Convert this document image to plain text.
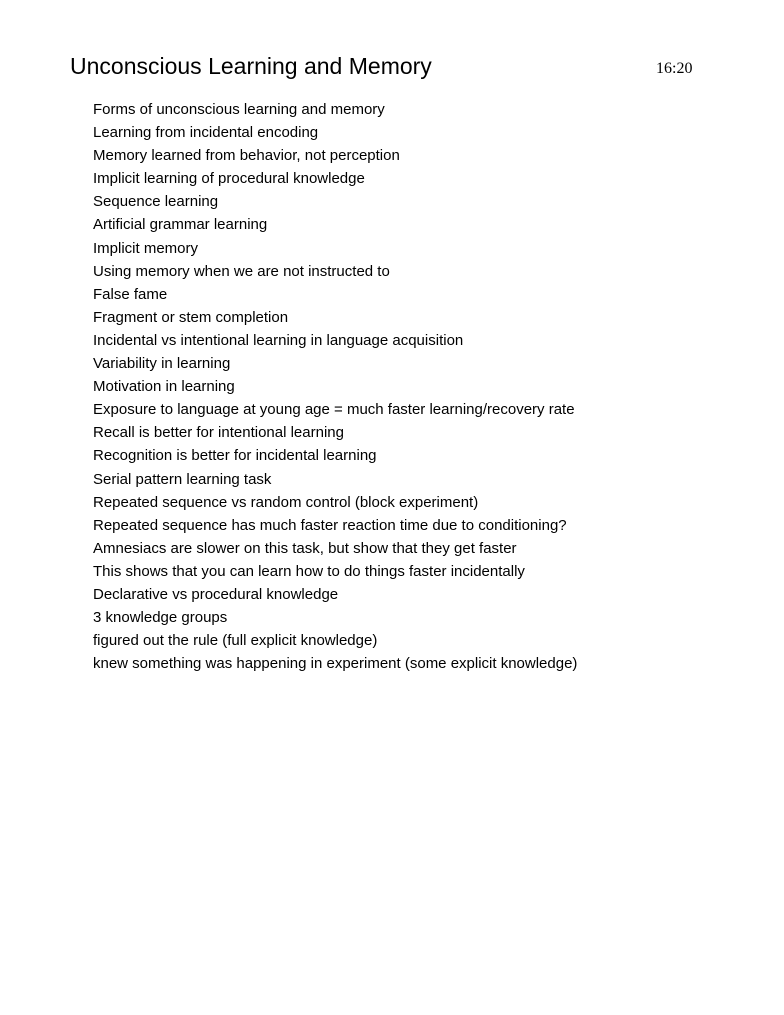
Unconscious Learning and Memory	16:20
Forms of unconscious learning and memory
Learning from incidental encoding
Memory learned from behavior, not perception
Implicit learning of procedural knowledge
Sequence learning
Artificial grammar learning
Implicit memory
Using memory when we are not instructed to
False fame
Fragment or stem completion
Incidental vs intentional learning in language acquisition
Variability in learning
Motivation in learning
Exposure to language at young age = much faster learning/recovery rate
Recall is better for intentional learning
Recognition is better for incidental learning
Serial pattern learning task
Repeated sequence vs random control (block experiment)
Repeated sequence has much faster reaction time due to conditioning?
Amnesiacs are slower on this task, but show that they get faster
This shows that you can learn how to do things faster incidentally
Declarative vs procedural knowledge
3 knowledge groups
figured out the rule (full explicit knowledge)
knew something was happening in experiment (some explicit knowledge)
